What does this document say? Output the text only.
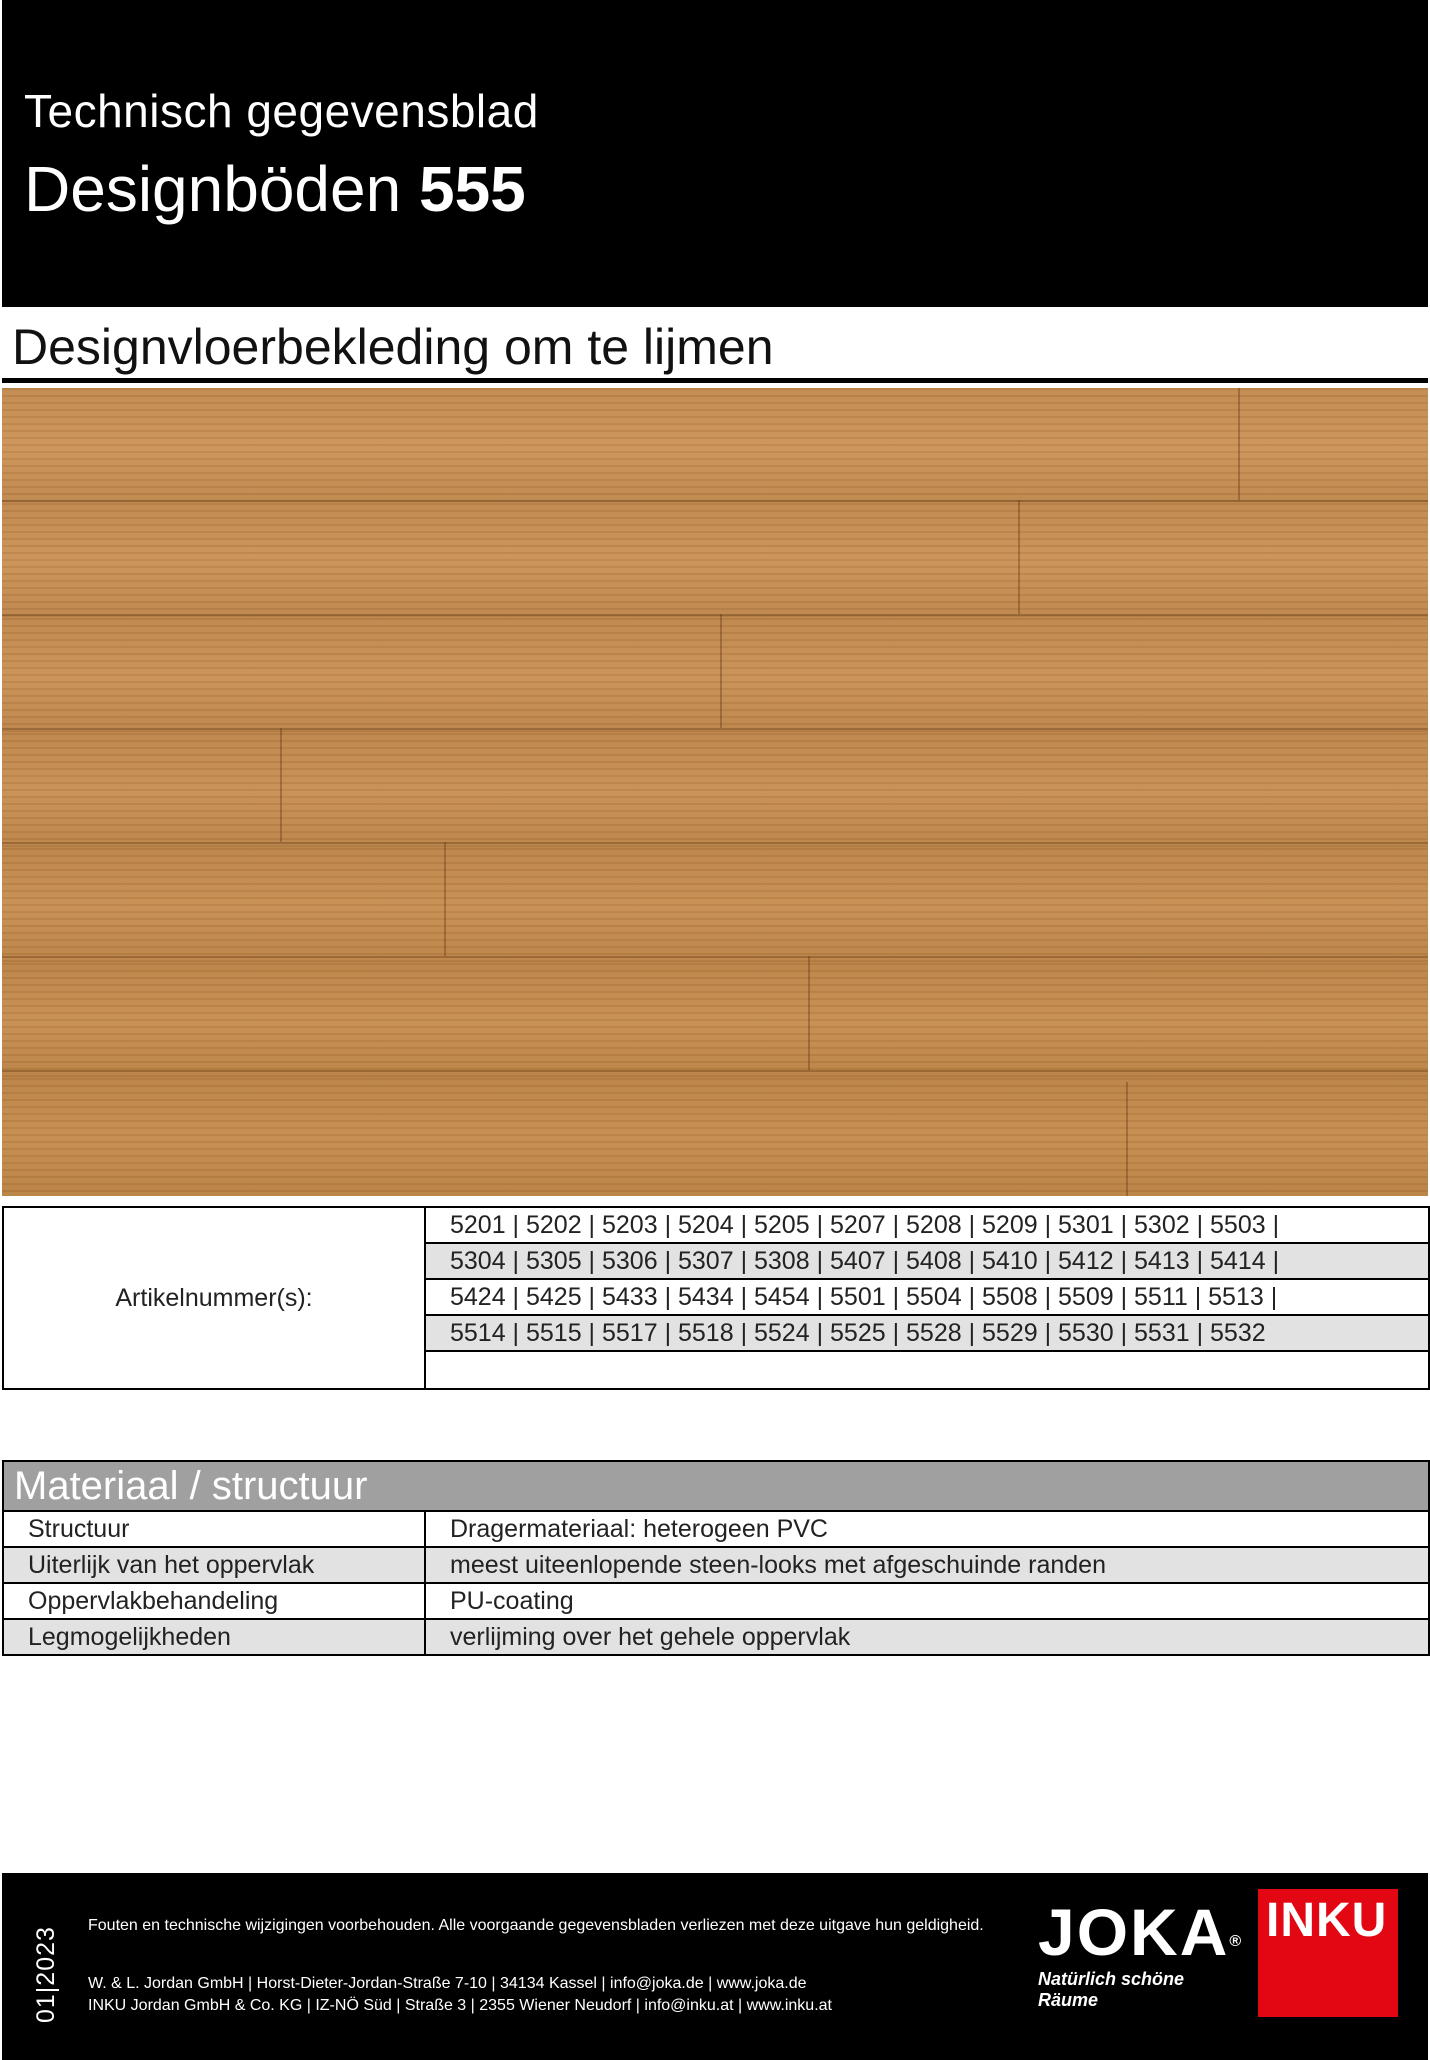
Technisch gegevensblad
Designböden 555
Designvloerbekleding om te lijmen
Artikelnummer(s):
5201 | 5202 | 5203 | 5204 | 5205 | 5207 | 5208 | 5209 | 5301 | 5302 | 5503 |
5304 | 5305 | 5306 | 5307 | 5308 | 5407 | 5408 | 5410 | 5412 | 5413 | 5414 |
5424 | 5425 | 5433 | 5434 | 5454 | 5501 | 5504 | 5508 | 5509 | 5511 | 5513 |
5514 | 5515 | 5517 | 5518 | 5524 | 5525 | 5528 | 5529 | 5530 | 5531 | 5532
Materiaal / structuur
Structuur	Dragermateriaal: heterogeen PVC
Uiterlijk van het oppervlak	meest uiteenlopende steen-looks met afgeschuinde randen
Oppervlakbehandeling	PU-coating
Legmogelijkheden	verlijming over het gehele oppervlak
01|2023
Fouten en technische wijzigingen voorbehouden. Alle voorgaande gegevensbladen verliezen met deze uitgave hun geldigheid.
W. & L. Jordan GmbH | Horst-Dieter-Jordan-Straße 7-10 | 34134 Kassel | info@joka.de | www.joka.de
INKU Jordan GmbH & Co. KG | IZ-NÖ Süd | Straße 3 | 2355 Wiener Neudorf | info@inku.at | www.inku.at
JOKA®
Natürlich schöne Räume
INKU
